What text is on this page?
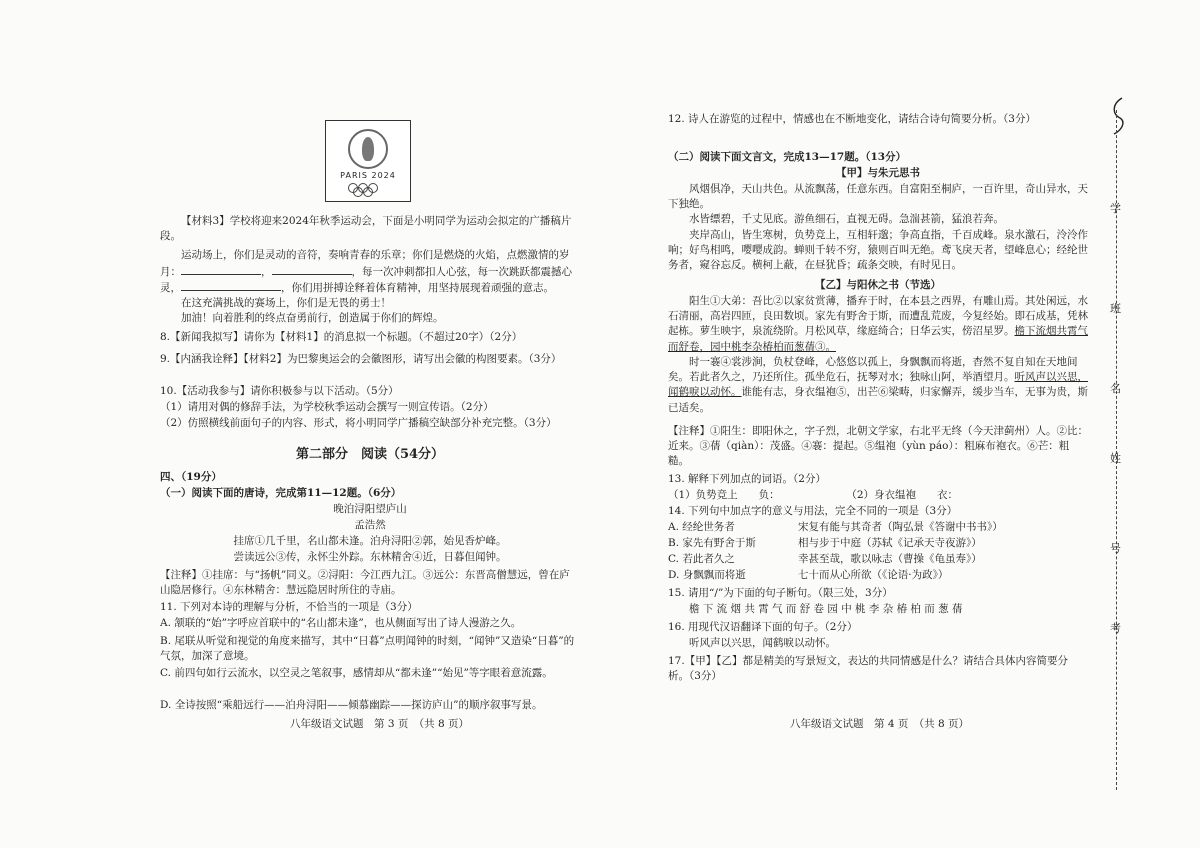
PARIS 2024

【材料3】学校将迎来2024年秋季运动会，下面是小明同学为运动会拟定的广播稿片段。

运动场上，你们是灵动的音符，奏响青春的乐章；你们是燃烧的火焰，点燃激情的岁月：	，	，每一次冲刺都扣人心弦，每一次跳跃都震撼心灵，	，你们用拼搏诠释着体育精神，用坚持展现着顽强的意志。

在这充满挑战的赛场上，你们是无畏的勇士！

加油！向着胜利的终点奋勇前行，创造属于你们的辉煌。

8.【新闻我拟写】请你为【材料1】的消息拟一个标题。（不超过20字）（2分）
9.【内涵我诠释】【材料2】为巴黎奥运会的会徽图形，请写出会徽的构图要素。（3分）
10.【活动我参与】请你积极参与以下活动。（5分）
（1）请用对偶的修辞手法，为学校秋季运动会撰写一则宣传语。（2分）
（2）仿照横线前面句子的内容、形式，将小明同学广播稿空缺部分补充完整。（3分）
第二部分　阅读（54分）
四、（19分）
（一）阅读下面的唐诗，完成第11—12题。（6分）
晚泊浔阳望庐山
孟浩然
挂席①几千里，名山都未逢。泊舟浔阳②郭，始见香炉峰。
尝读远公③传，永怀尘外踪。东林精舍④近，日暮但闻钟。
【注释】①挂席：与“扬帆”同义。②浔阳：今江西九江。③远公：东晋高僧慧远，曾在庐山隐居修行。④东林精舍：慧远隐居时所住的寺庙。
11. 下列对本诗的理解与分析，不恰当的一项是（3分）
A. 颔联的“始”字呼应首联中的“名山都未逢”，也从侧面写出了诗人漫游之久。
B. 尾联从听觉和视觉的角度来描写，其中“日暮”点明闻钟的时刻，“闻钟”又造染“日暮”的气氛，加深了意境。
C. 前四句如行云流水，以空灵之笔叙事，感情却从“都未逢”“始见”等字眼着意流露。
D. 全诗按照“乘船远行——泊舟浔阳——倾慕幽踪——探访庐山”的顺序叙事写景。
八年级语文试题　第 3 页　（共 8 页）
12. 诗人在游览的过程中，情感也在不断地变化，请结合诗句简要分析。（3分）
（二）阅读下面文言文，完成13—17题。（13分）
【甲】与朱元思书

风烟俱净，天山共色。从流飘荡，任意东西。自富阳至桐庐，一百许里，奇山异水，天下独绝。

水皆缥碧，千丈见底。游鱼细石，直视无碍。急湍甚箭，猛浪若奔。

夹岸高山，皆生寒树，负势竞上，互相轩邈；争高直指，千百成峰。泉水激石，泠泠作响；好鸟相鸣，嘤嘤成韵。蝉则千转不穷，猿则百叫无绝。鸢飞戾天者，望峰息心；经纶世务者，窥谷忘反。横柯上蔽，在昼犹昏；疏条交映，有时见日。

【乙】与阳休之书（节选）

阳生①大弟：吾比②以家贫赏薄，播弃于时，在本县之西界，有雕山焉。其处闲远，水石清丽，高岩四匝，良田数顷。家先有野舍于斯，而遭乱荒废，今复经始。即石成基，凭林起栋。萝生映宇，泉流绕阶。月松风草，缘庭绮合；日华云实，傍沼星罗。檐下流烟共霄气而舒卷，园中桃李杂椿柏而葱蒨③。

时一褰④裳涉涧，负杖登峰，心悠悠以孤上，身飘飘而将逝，杳然不复自知在天地间矣。若此者久之，乃还所住。孤坐危石，抚琴对水；独咏山阿，举酒望月。听风声以兴思，闻鹤唳以动怀。谁能有志，身衣缊袍⑤，出芒⑥梁畴，归家懈弄，缓步当车，无事为贵，斯已适矣。

【注释】①阳生：即阳休之，字子烈，北朝文学家，右北平无终（今天津蓟州）人。②比：近来。③蒨（qiàn）：茂盛。④褰：提起。⑤缊袍（yùn páo）：粗麻布袍衣。⑥芒：粗糙。
13. 解释下列加点的词语。（2分）
（1）负势竞上　　负：	（2）身衣缊袍　　衣：
14. 下列句中加点字的意义与用法，完全不同的一项是（3分）
A. 经纶世务者	宋复有能与其奇者（陶弘景《答谢中书书》）
B. 家先有野舍于斯	相与步于中庭（苏轼《记承天寺夜游》）
C. 若此者久之	幸甚至哉，歌以咏志（曹操《龟虽寿》）
D. 身飘飘而将逝	七十而从心所欲（《论语·为政》）
15. 请用“/”为下面的句子断句。（限三处，3分）
檐 下 流 烟 共 霄 气 而 舒 卷 园 中 桃 李 杂 椿 柏 而 葱 蒨
16. 用现代汉语翻译下面的句子。（2分）
听风声以兴思，闻鹤唳以动怀。
17.【甲】【乙】都是精美的写景短文，表达的共同情感是什么？请结合具体内容简要分析。（3分）
八年级语文试题　第 4 页　（共 8 页）
学
班
名
姓
号
考
